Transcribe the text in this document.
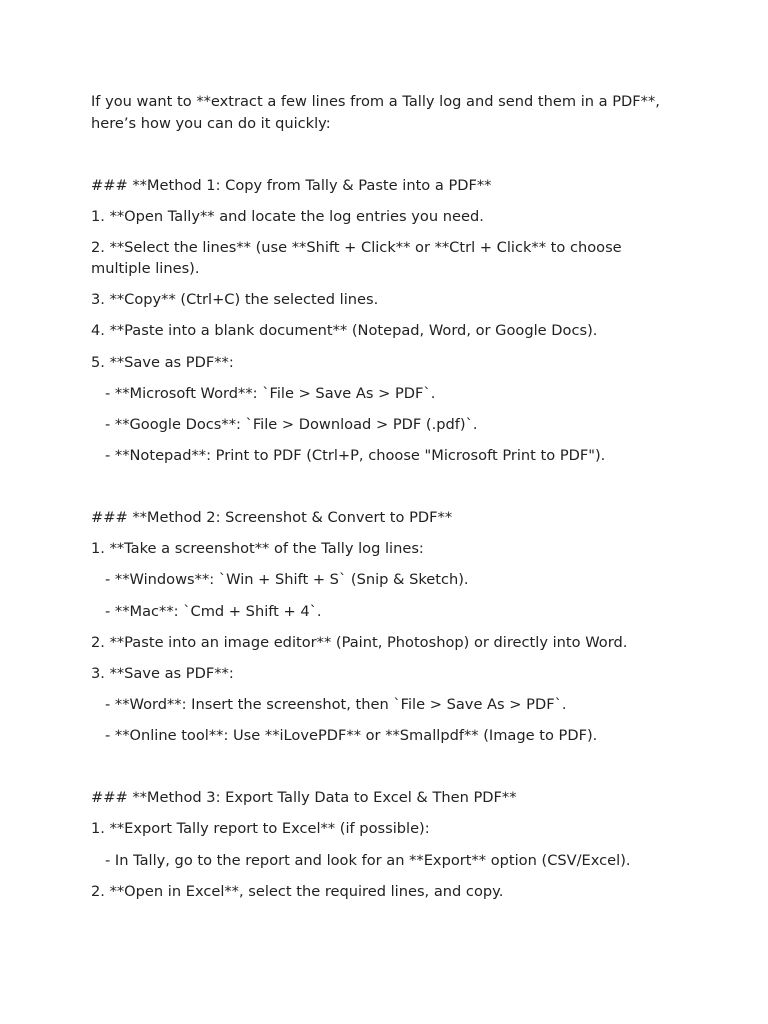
If you want to **extract a few lines from a Tally log and send them in a PDF**,
here’s how you can do it quickly:
### **Method 1: Copy from Tally & Paste into a PDF**
1. **Open Tally** and locate the log entries you need.
2. **Select the lines** (use **Shift + Click** or **Ctrl + Click** to choose
multiple lines).
3. **Copy** (Ctrl+C) the selected lines.
4. **Paste into a blank document** (Notepad, Word, or Google Docs).
5. **Save as PDF**:
- **Microsoft Word**: `File > Save As > PDF`.
- **Google Docs**: `File > Download > PDF (.pdf)`.
- **Notepad**: Print to PDF (Ctrl+P, choose "Microsoft Print to PDF").
### **Method 2: Screenshot & Convert to PDF**
1. **Take a screenshot** of the Tally log lines:
- **Windows**: `Win + Shift + S` (Snip & Sketch).
- **Mac**: `Cmd + Shift + 4`.
2. **Paste into an image editor** (Paint, Photoshop) or directly into Word.
3. **Save as PDF**:
- **Word**: Insert the screenshot, then `File > Save As > PDF`.
- **Online tool**: Use **iLovePDF** or **Smallpdf** (Image to PDF).
### **Method 3: Export Tally Data to Excel & Then PDF**
1. **Export Tally report to Excel** (if possible):
- In Tally, go to the report and look for an **Export** option (CSV/Excel).
2. **Open in Excel**, select the required lines, and copy.
